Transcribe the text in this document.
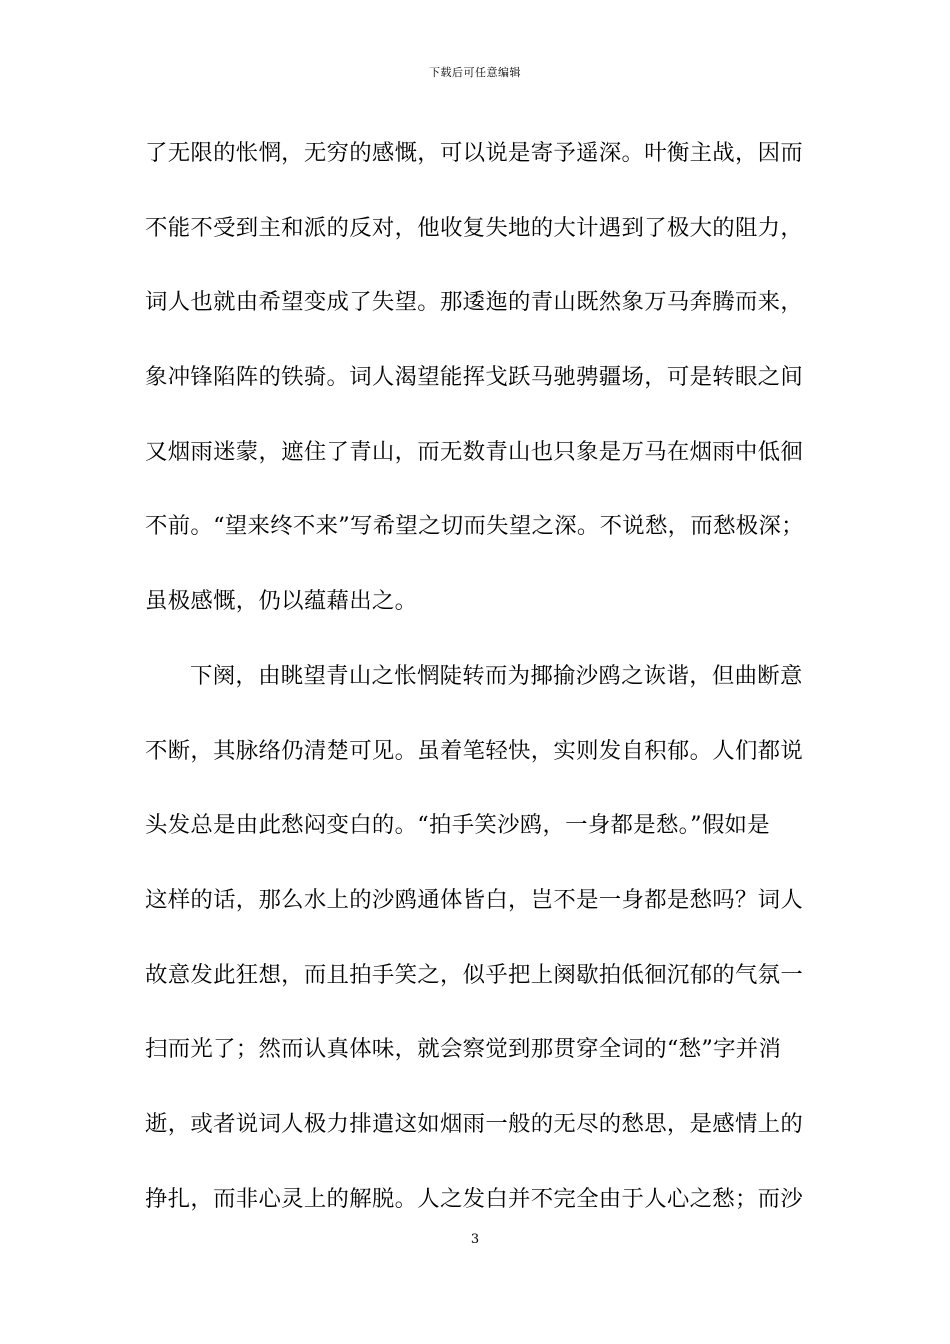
下载后可任意编辑
了无限的怅惘，无穷的感慨，可以说是寄予遥深。叶衡主战，因而
不能不受到主和派的反对，他收复失地的大计遇到了极大的阻力，
词人也就由希望变成了失望。那逶迤的青山既然象万马奔腾而来，
象冲锋陷阵的铁骑。词人渴望能挥戈跃马驰骋疆场，可是转眼之间
又烟雨迷蒙，遮住了青山，而无数青山也只象是万马在烟雨中低徊
不前。“望来终不来”写希望之切而失望之深。不说愁，而愁极深；
虽极感慨，仍以蕴藉出之。
下阕，由眺望青山之怅惘陡转而为揶揄沙鸥之诙谐，但曲断意
不断，其脉络仍清楚可见。虽着笔轻快，实则发自积郁。人们都说
头发总是由此愁闷变白的。“拍手笑沙鸥，一身都是愁。”假如是
这样的话，那么水上的沙鸥通体皆白，岂不是一身都是愁吗？词人
故意发此狂想，而且拍手笑之，似乎把上阕歇拍低徊沉郁的气氛一
扫而光了；然而认真体味，就会察觉到那贯穿全词的“愁”字并消
逝，或者说词人极力排遣这如烟雨一般的无尽的愁思，是感情上的
挣扎，而非心灵上的解脱。人之发白并不完全由于人心之愁；而沙
3
